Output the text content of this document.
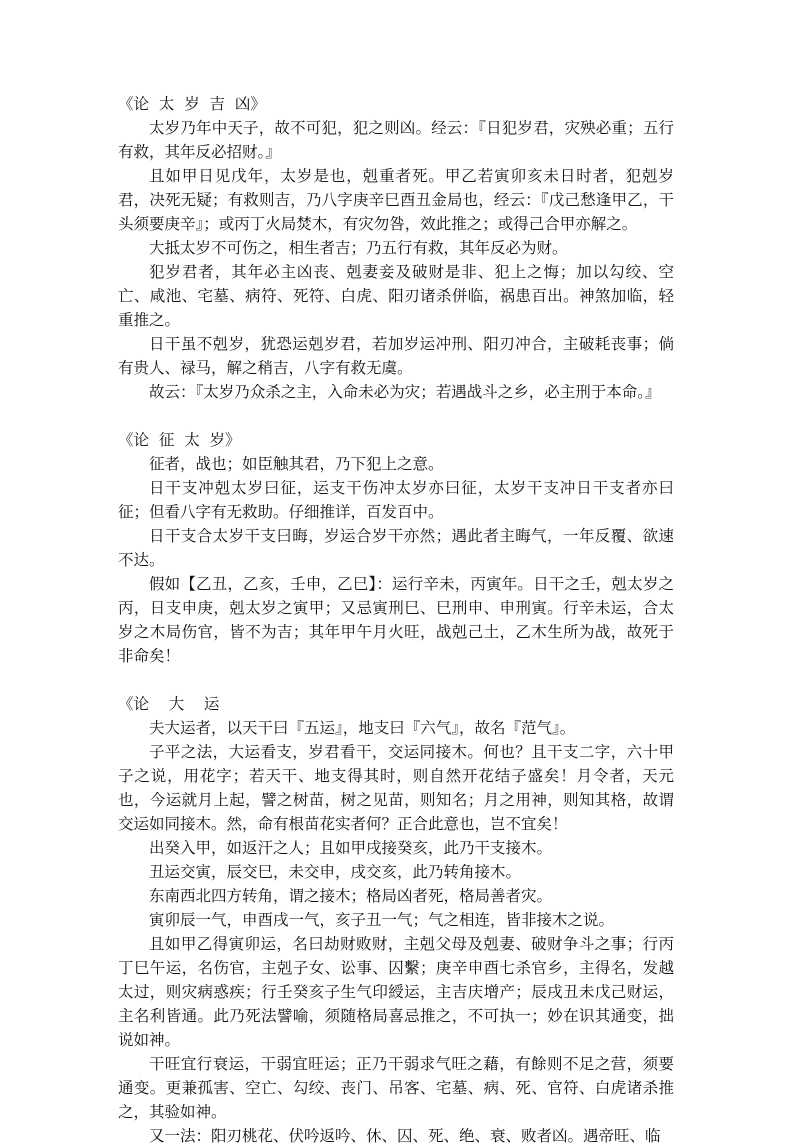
《论  太  岁  吉  凶》

太岁乃年中天子，故不可犯，犯之则凶。经云：『日犯岁君，灾殃必重；五行有救，其年反必招财。』

且如甲日见戊年，太岁是也，剋重者死。甲乙若寅卯亥未日时者，犯剋岁君，决死无疑；有救则吉，乃八字庚辛巳酉丑金局也，经云：『戊己愁逢甲乙，干头须要庚辛』；或丙丁火局焚木，有灾勿咎，效此推之；或得己合甲亦解之。

大抵太岁不可伤之，相生者吉；乃五行有救，其年反必为财。

犯岁君者，其年必主凶丧、剋妻妾及破财是非、犯上之悔；加以勾绞、空亡、咸池、宅墓、病符、死符、白虎、阳刃诸杀併临，祸患百出。神煞加临，轻重推之。

日干虽不剋岁，犹恐运剋岁君，若加岁运冲刑、阳刃冲合，主破耗丧事；倘有贵人、禄马，解之稍吉，八字有救无虞。

故云：『太岁乃众杀之主，入命未必为灾；若遇战斗之乡，必主刑于本命。』

《论  征  太  岁》

征者，战也；如臣触其君，乃下犯上之意。

日干支冲剋太岁曰征，运支干伤冲太岁亦曰征，太岁干支冲日干支者亦曰征；但看八字有无救助。仔细推详，百发百中。

日干支合太岁干支曰晦，岁运合岁干亦然；遇此者主晦气，一年反覆、欲速不达。

假如【乙丑，乙亥，壬申，乙巳】：运行辛未，丙寅年。日干之壬，剋太岁之丙，日支申庚，剋太岁之寅甲；又忌寅刑巳、巳刑申、申刑寅。行辛未运，合太岁之木局伤官，皆不为吉；其年甲午月火旺，战剋己土，乙木生所为战，故死于非命矣！

《论    大    运

夫大运者，以天干曰『五运』，地支曰『六气』，故名『范气』。

子平之法，大运看支，岁君看干，交运同接木。何也？且干支二字，六十甲子之说，用花字；若天干、地支得其时，则自然开花结子盛矣！月令者，天元也，今运就月上起，譬之树苗，树之见苗，则知名；月之用神，则知其格，故谓交运如同接木。然，命有根苗花实者何？正合此意也，岂不宜矣！

出癸入甲，如返汗之人；且如甲戌接癸亥，此乃干支接木。

丑运交寅，辰交巳，未交申，戌交亥，此乃转角接木。

东南西北四方转角，谓之接木；格局凶者死，格局善者灾。

寅卯辰一气，申酉戌一气，亥子丑一气；气之相连，皆非接木之说。

且如甲乙得寅卯运，名曰劫财败财，主剋父母及剋妻、破财争斗之事；行丙丁巳午运，名伤官，主剋子女、讼事、囚繫；庚辛申酉七杀官乡，主得名，发越太过，则灾病惑疾；行壬癸亥子生气印綬运，主吉庆增产；辰戌丑未戊己财运，主名利皆通。此乃死法譬喻，须随格局喜忌推之，不可执一；妙在识其通变，拙说如神。

干旺宜行衰运，干弱宜旺运；正乃干弱求气旺之藉，有餘则不足之营，须要通变。更兼孤害、空亡、勾绞、丧门、吊客、宅墓、病、死、官符、白虎诸杀推之，其验如神。

又一法：阳刃桃花、伏吟返吟、休、囚、死、绝、衰、败者凶。遇帝旺、临
